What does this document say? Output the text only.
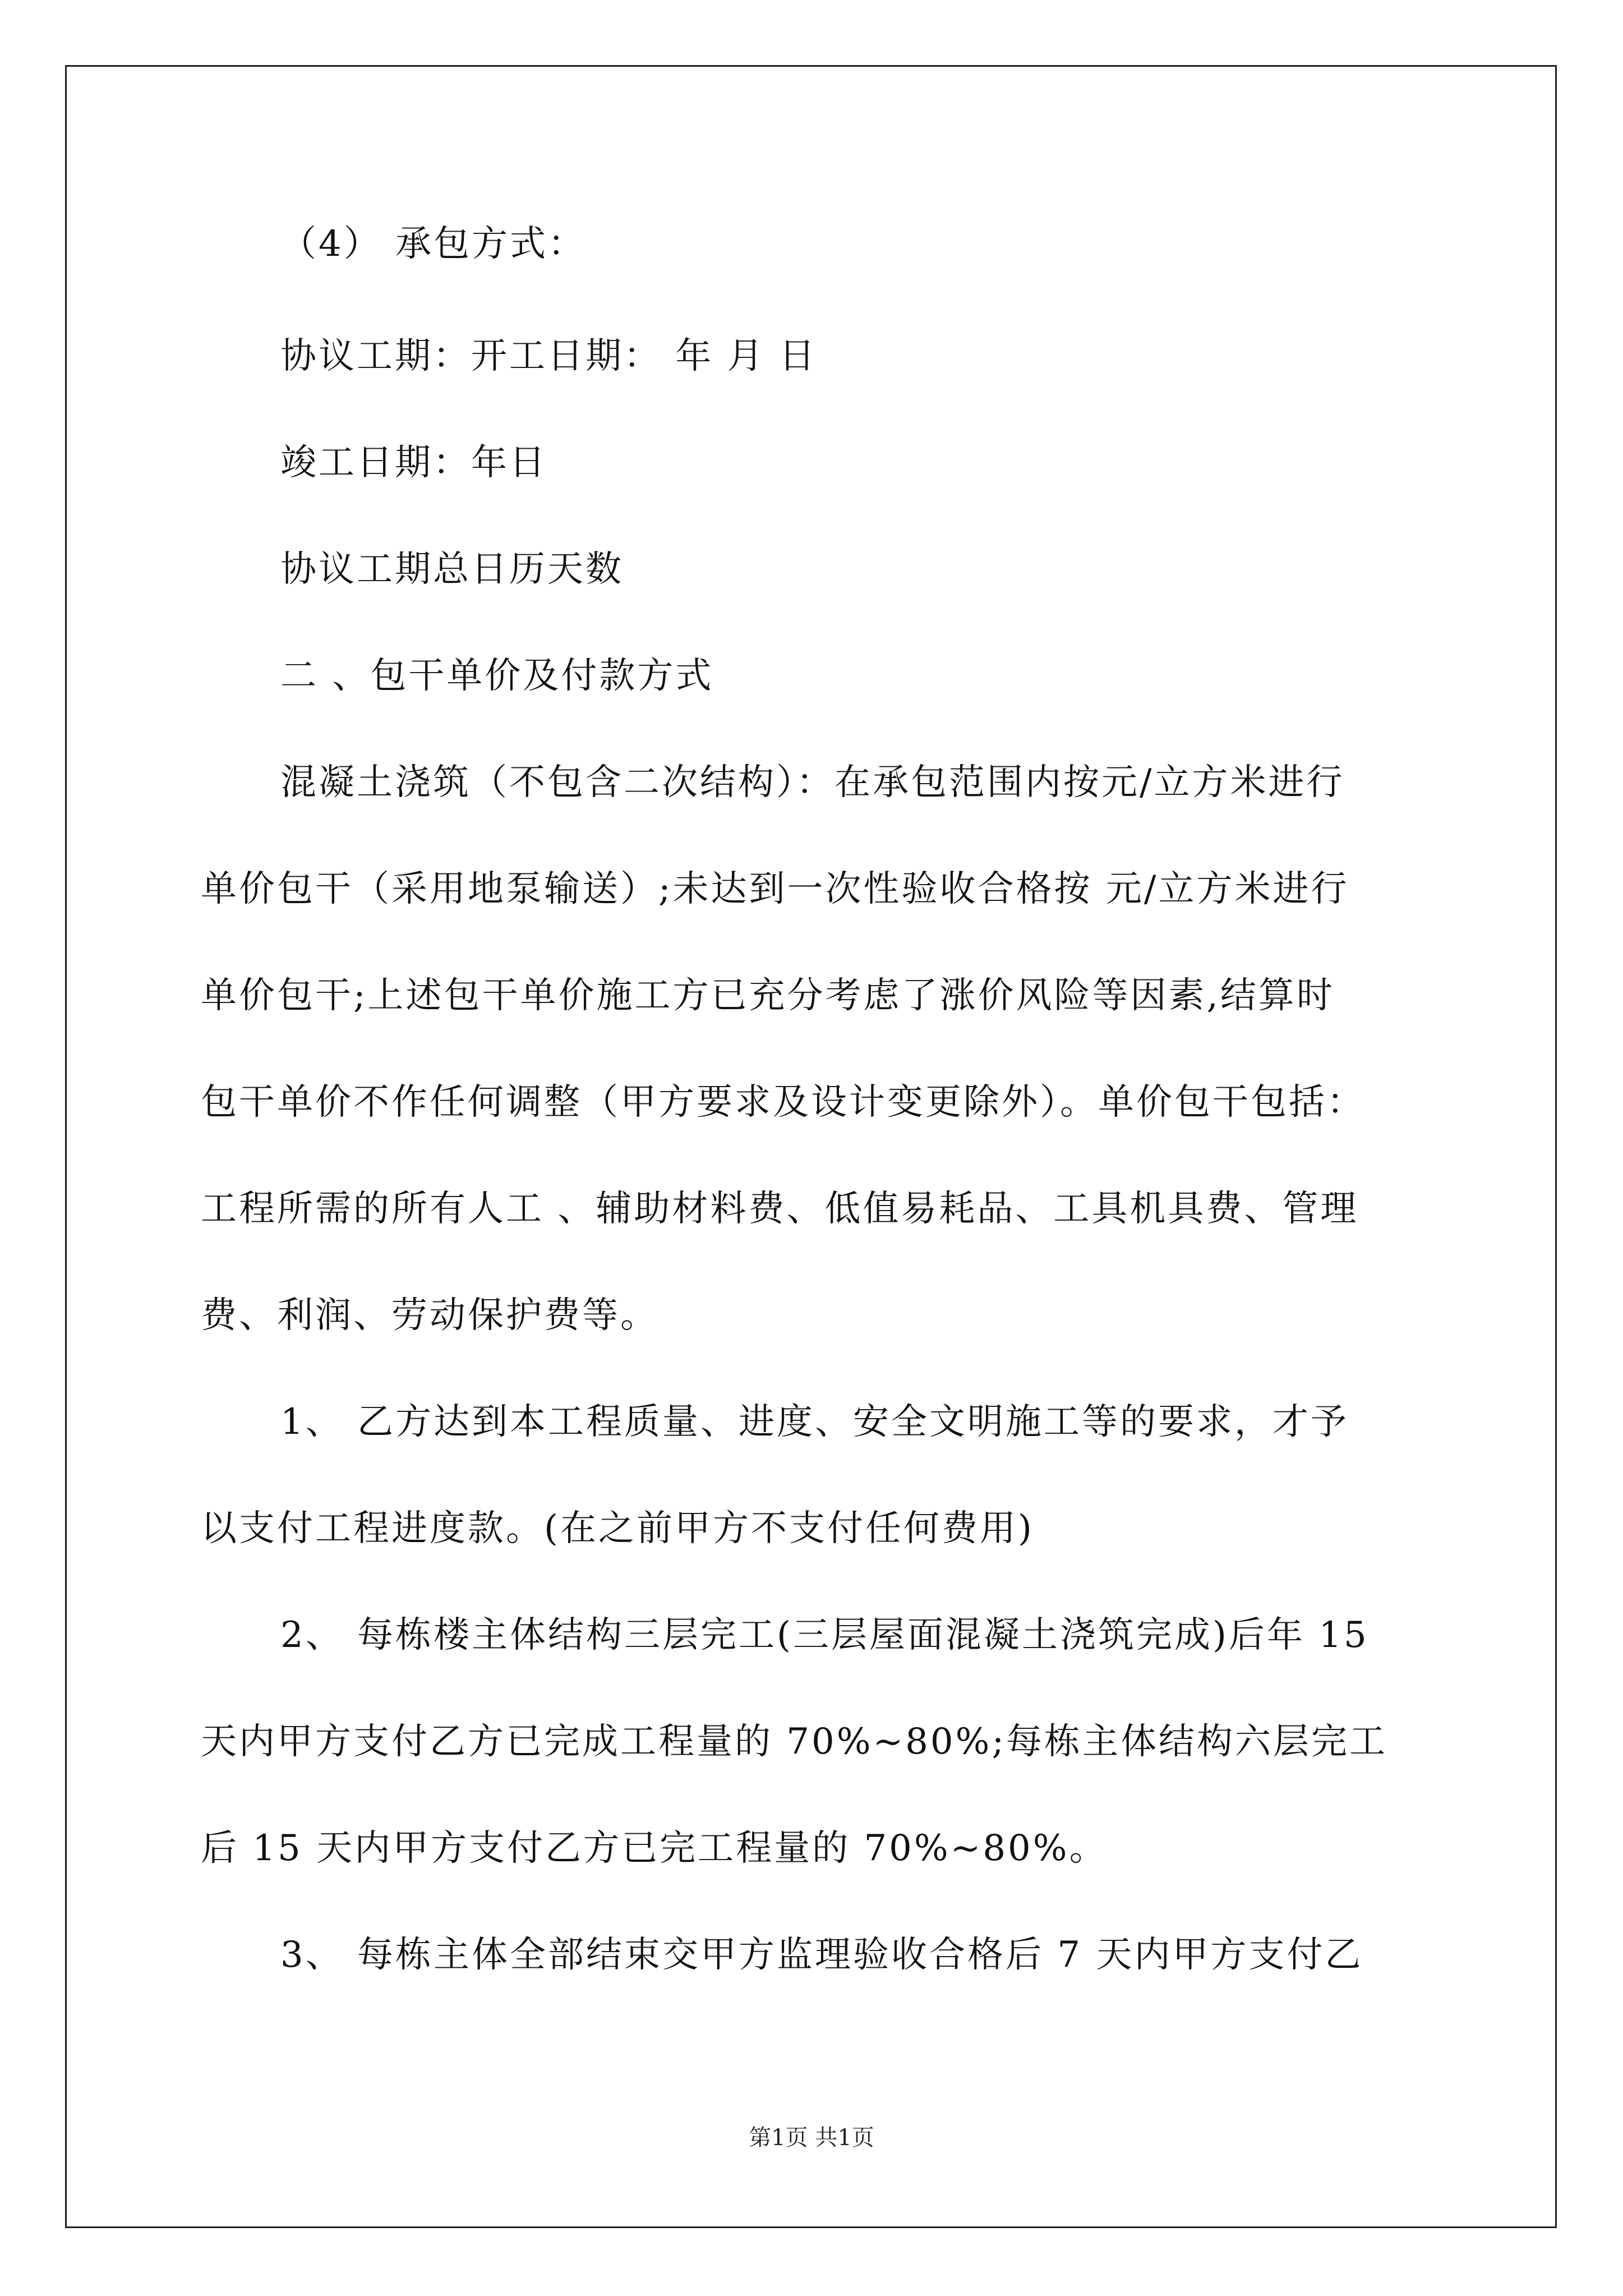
（4） 承包方式：
协议工期：开工日期： 年 月 日
竣工日期：年日
协议工期总日历天数
二 、包干单价及付款方式
混凝土浇筑（不包含二次结构）：在承包范围内按元/立方米进行
单价包干（采用地泵输送）;未达到一次性验收合格按 元/立方米进行
单价包干;上述包干单价施工方已充分考虑了涨价风险等因素,结算时
包干单价不作任何调整（甲方要求及设计变更除外）。单价包干包括：
工程所需的所有人工 、辅助材料费、低值易耗品、工具机具费、管理
费、利润、劳动保护费等。
1、 乙方达到本工程质量、进度、安全文明施工等的要求，才予
以支付工程进度款。(在之前甲方不支付任何费用)
2、 每栋楼主体结构三层完工(三层屋面混凝土浇筑完成)后年 15
天内甲方支付乙方已完成工程量的 70%~80%;每栋主体结构六层完工
后 15 天内甲方支付乙方已完工程量的 70%~80%。
3、 每栋主体全部结束交甲方监理验收合格后 7 天内甲方支付乙
第1页 共1页
